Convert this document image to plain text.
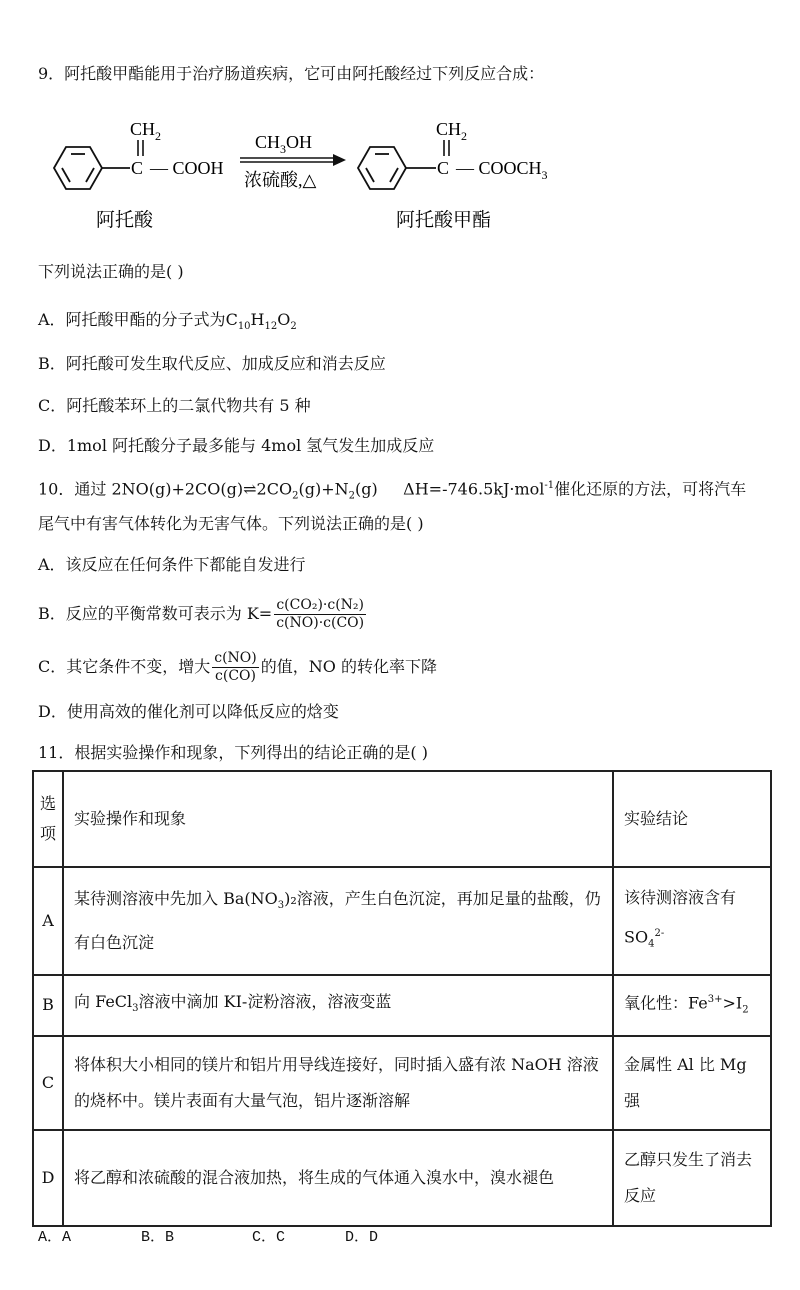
9．阿托酸甲酯能用于治疗肠道疾病，它可由阿托酸经过下列反应合成：
C
$CH_2$
— COOH
$CH_3OH$
浓硫酸,△
C
$CH_2$
— $COOCH_3$
阿托酸	阿托酸甲酯
下列说法正确的是( )
A．阿托酸甲酯的分子式为$C_{10}H_{12}O_2$
B．阿托酸可发生取代反应、加成反应和消去反应
C．阿托酸苯环上的二氯代物共有 5 种
D．1mol 阿托酸分子最多能与 4mol 氢气发生加成反应
10．通过 $2NO(g)+2CO(g)\rightleftharpoons 2CO_2(g)+N_2(g)$ ΔH=-746.5kJ·mol$^{-1}$催化还原的方法，可将汽车
尾气中有害气体转化为无害气体。下列说法正确的是( )
A．该反应在任何条件下都能自发进行
B．反应的平衡常数可表示为 $K= \frac{\text{c(CO₂)·c(N₂)}}{c(NO)\cdot c(CO)}$
C．其它条件不变，增大 $\frac{c(NO)}{c(CO)}$ 的值，NO 的转化率下降
D．使用高效的催化剂可以降低反应的焓变
11．根据实验操作和现象，下列得出的结论正确的是( )
选项	实验操作和现象	实验结论
A	某待测溶液中先加入 $Ba(NO_3)_2$溶液，产生白色沉淀，再加足量的盐酸，仍有白色沉淀	该待测溶液含有
$SO_4^{2-}$
B	向 FeCl$_3$溶液中滴加 KI-淀粉溶液，溶液变蓝	氧化性：$Fe^{3+}>I_2$
C	将体积大小相同的镁片和铝片用导线连接好，同时插入盛有浓 NaOH 溶液的烧杯中。镁片表面有大量气泡，铝片逐渐溶解	金属性 Al 比 Mg 强
D	将乙醇和浓硫酸的混合液加热，将生成的气体通入溴水中，溴水褪色	乙醇只发生了消去反应
A．A	B．B	C．C	D．D
